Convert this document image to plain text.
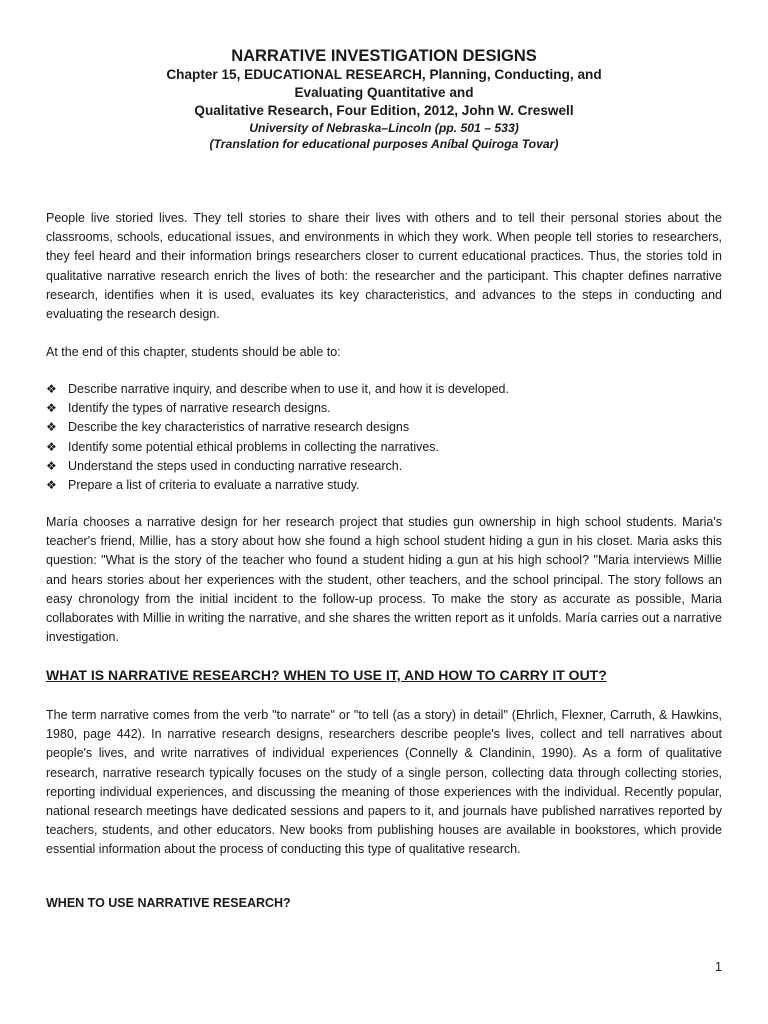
NARRATIVE INVESTIGATION DESIGNS
Chapter 15, EDUCATIONAL RESEARCH, Planning, Conducting, and
Evaluating Quantitative and
Qualitative Research, Four Edition, 2012, John W. Creswell
University of Nebraska–Lincoln (pp. 501 – 533)
(Translation for educational purposes Aníbal Quiroga Tovar)

People live storied lives. They tell stories to share their lives with others and to tell their personal stories about the classrooms, schools, educational issues, and environments in which they work. When people tell stories to researchers, they feel heard and their information brings researchers closer to current educational practices. Thus, the stories told in qualitative narrative research enrich the lives of both: the researcher and the participant. This chapter defines narrative research, identifies when it is used, evaluates its key characteristics, and advances to the steps in conducting and evaluating the research design.

At the end of this chapter, students should be able to:

❖ Describe narrative inquiry, and describe when to use it, and how it is developed.
❖ Identify the types of narrative research designs.
❖ Describe the key characteristics of narrative research designs
❖ Identify some potential ethical problems in collecting the narratives.
❖ Understand the steps used in conducting narrative research.
❖ Prepare a list of criteria to evaluate a narrative study.

María chooses a narrative design for her research project that studies gun ownership in high school students. Maria's teacher's friend, Millie, has a story about how she found a high school student hiding a gun in his closet. Maria asks this question: "What is the story of the teacher who found a student hiding a gun at his high school? "Maria interviews Millie and hears stories about her experiences with the student, other teachers, and the school principal. The story follows an easy chronology from the initial incident to the follow-up process. To make the story as accurate as possible, Maria collaborates with Millie in writing the narrative, and she shares the written report as it unfolds. María carries out a narrative investigation.

WHAT IS NARRATIVE RESEARCH? WHEN TO USE IT, AND HOW TO CARRY IT OUT?

The term narrative comes from the verb "to narrate" or "to tell (as a story) in detail" (Ehrlich, Flexner, Carruth, & Hawkins, 1980, page 442). In narrative research designs, researchers describe people's lives, collect and tell narratives about people's lives, and write narratives of individual experiences (Connelly & Clandinin, 1990). As a form of qualitative research, narrative research typically focuses on the study of a single person, collecting data through collecting stories, reporting individual experiences, and discussing the meaning of those experiences with the individual. Recently popular, national research meetings have dedicated sessions and papers to it, and journals have published narratives reported by teachers, students, and other educators. New books from publishing houses are available in bookstores, which provide essential information about the process of conducting this type of qualitative research.

WHEN TO USE NARRATIVE RESEARCH?
1
